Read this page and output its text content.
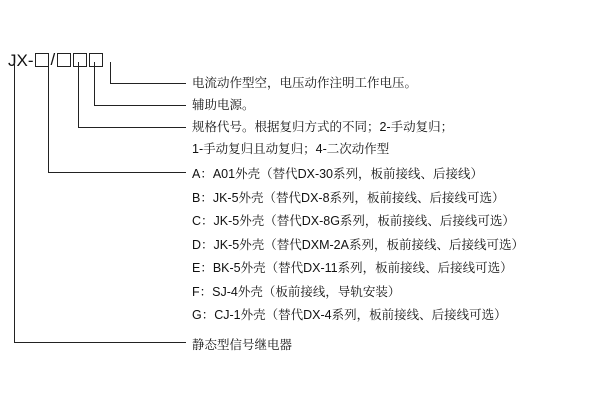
JX- /
电流动作型空，电压动作注明工作电压。
辅助电源。
规格代号。根据复归方式的不同；2-手动复归；
1-手动复归且动复归；4-二次动作型
A：A01外壳（替代DX-30系列，板前接线、后接线）
B：JK-5外壳（替代DX-8系列，板前接线、后接线可选）
C：JK-5外壳（替代DX-8G系列，板前接线、后接线可选）
D：JK-5外壳（替代DXM-2A系列，板前接线、后接线可选）
E：BK-5外壳（替代DX-11系列，板前接线、后接线可选）
F：SJ-4外壳（板前接线，导轨安装）
G：CJ-1外壳（替代DX-4系列，板前接线、后接线可选）
静态型信号继电器
